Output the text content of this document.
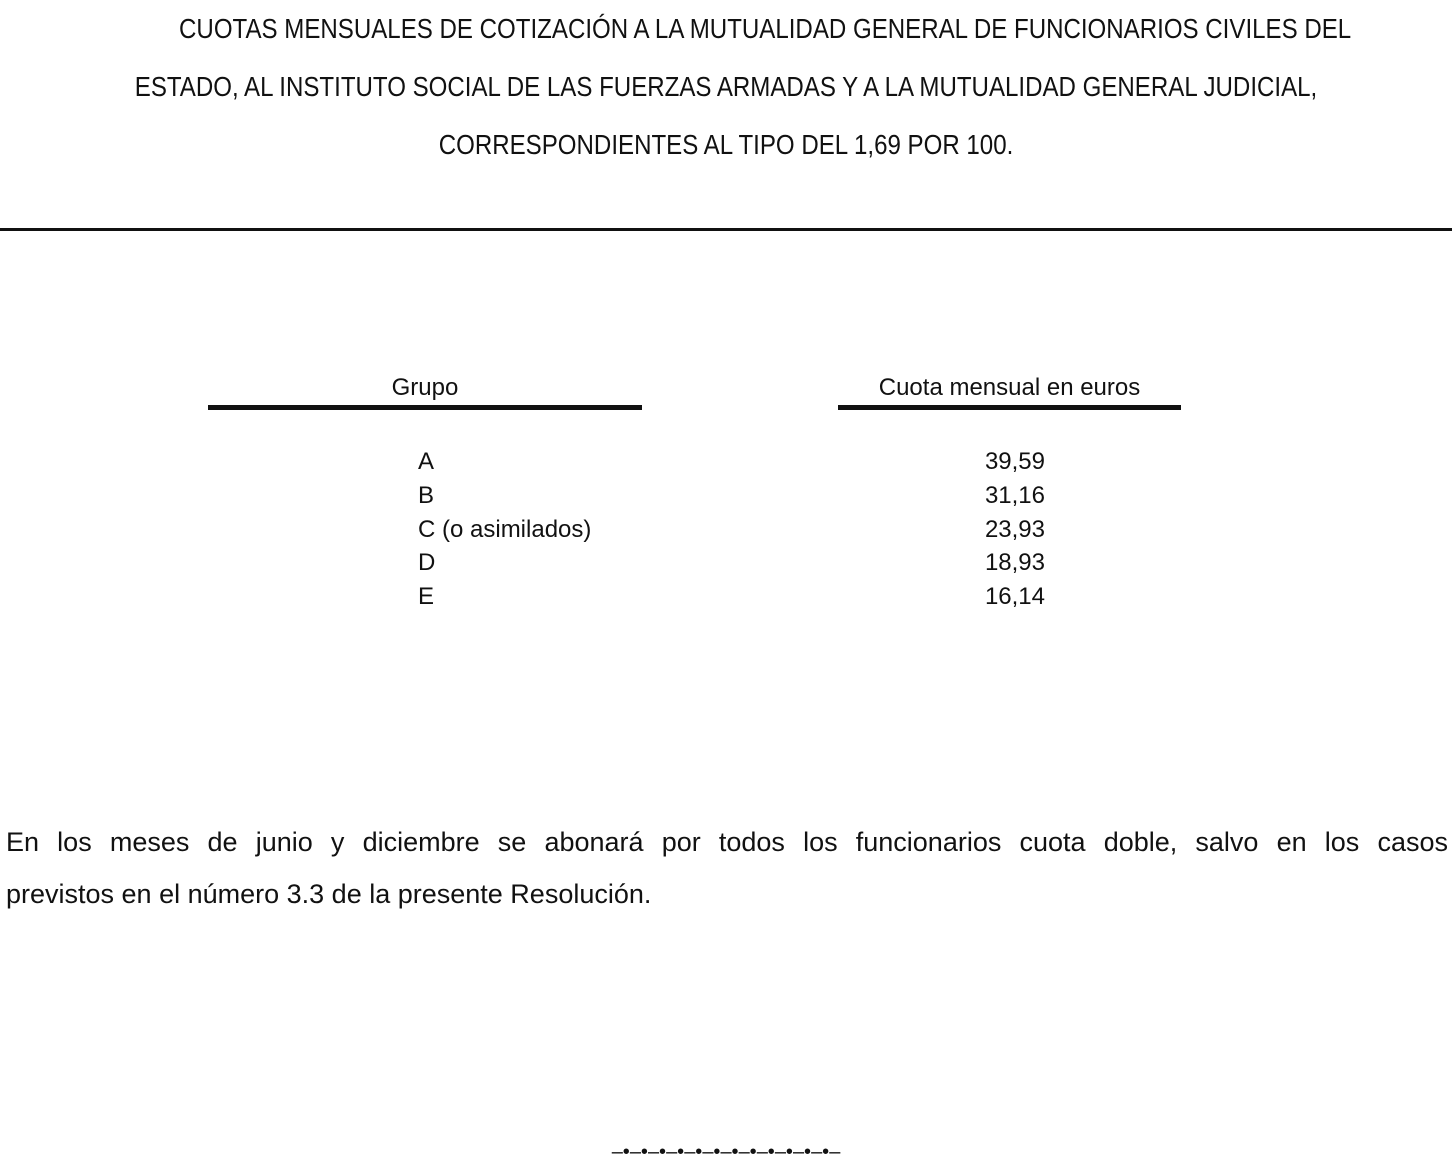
CUOTAS MENSUALES DE COTIZACIÓN A LA MUTUALIDAD GENERAL DE FUNCIONARIOS CIVILES DEL
ESTADO, AL INSTITUTO SOCIAL DE LAS FUERZAS ARMADAS Y A LA MUTUALIDAD GENERAL JUDICIAL,
CORRESPONDIENTES AL TIPO DEL 1,69 POR 100.
Grupo	Cuota mensual en euros
A	39,59
B	31,16
C (o asimilados)	23,93
D	18,93
E	16,14

En los meses de junio y diciembre se abonará por todos los funcionarios cuota doble, salvo en los casos
previstos en el número 3.3 de la presente Resolución.

–•–•–•–•–•–•–•–•–•–•–•–•–
